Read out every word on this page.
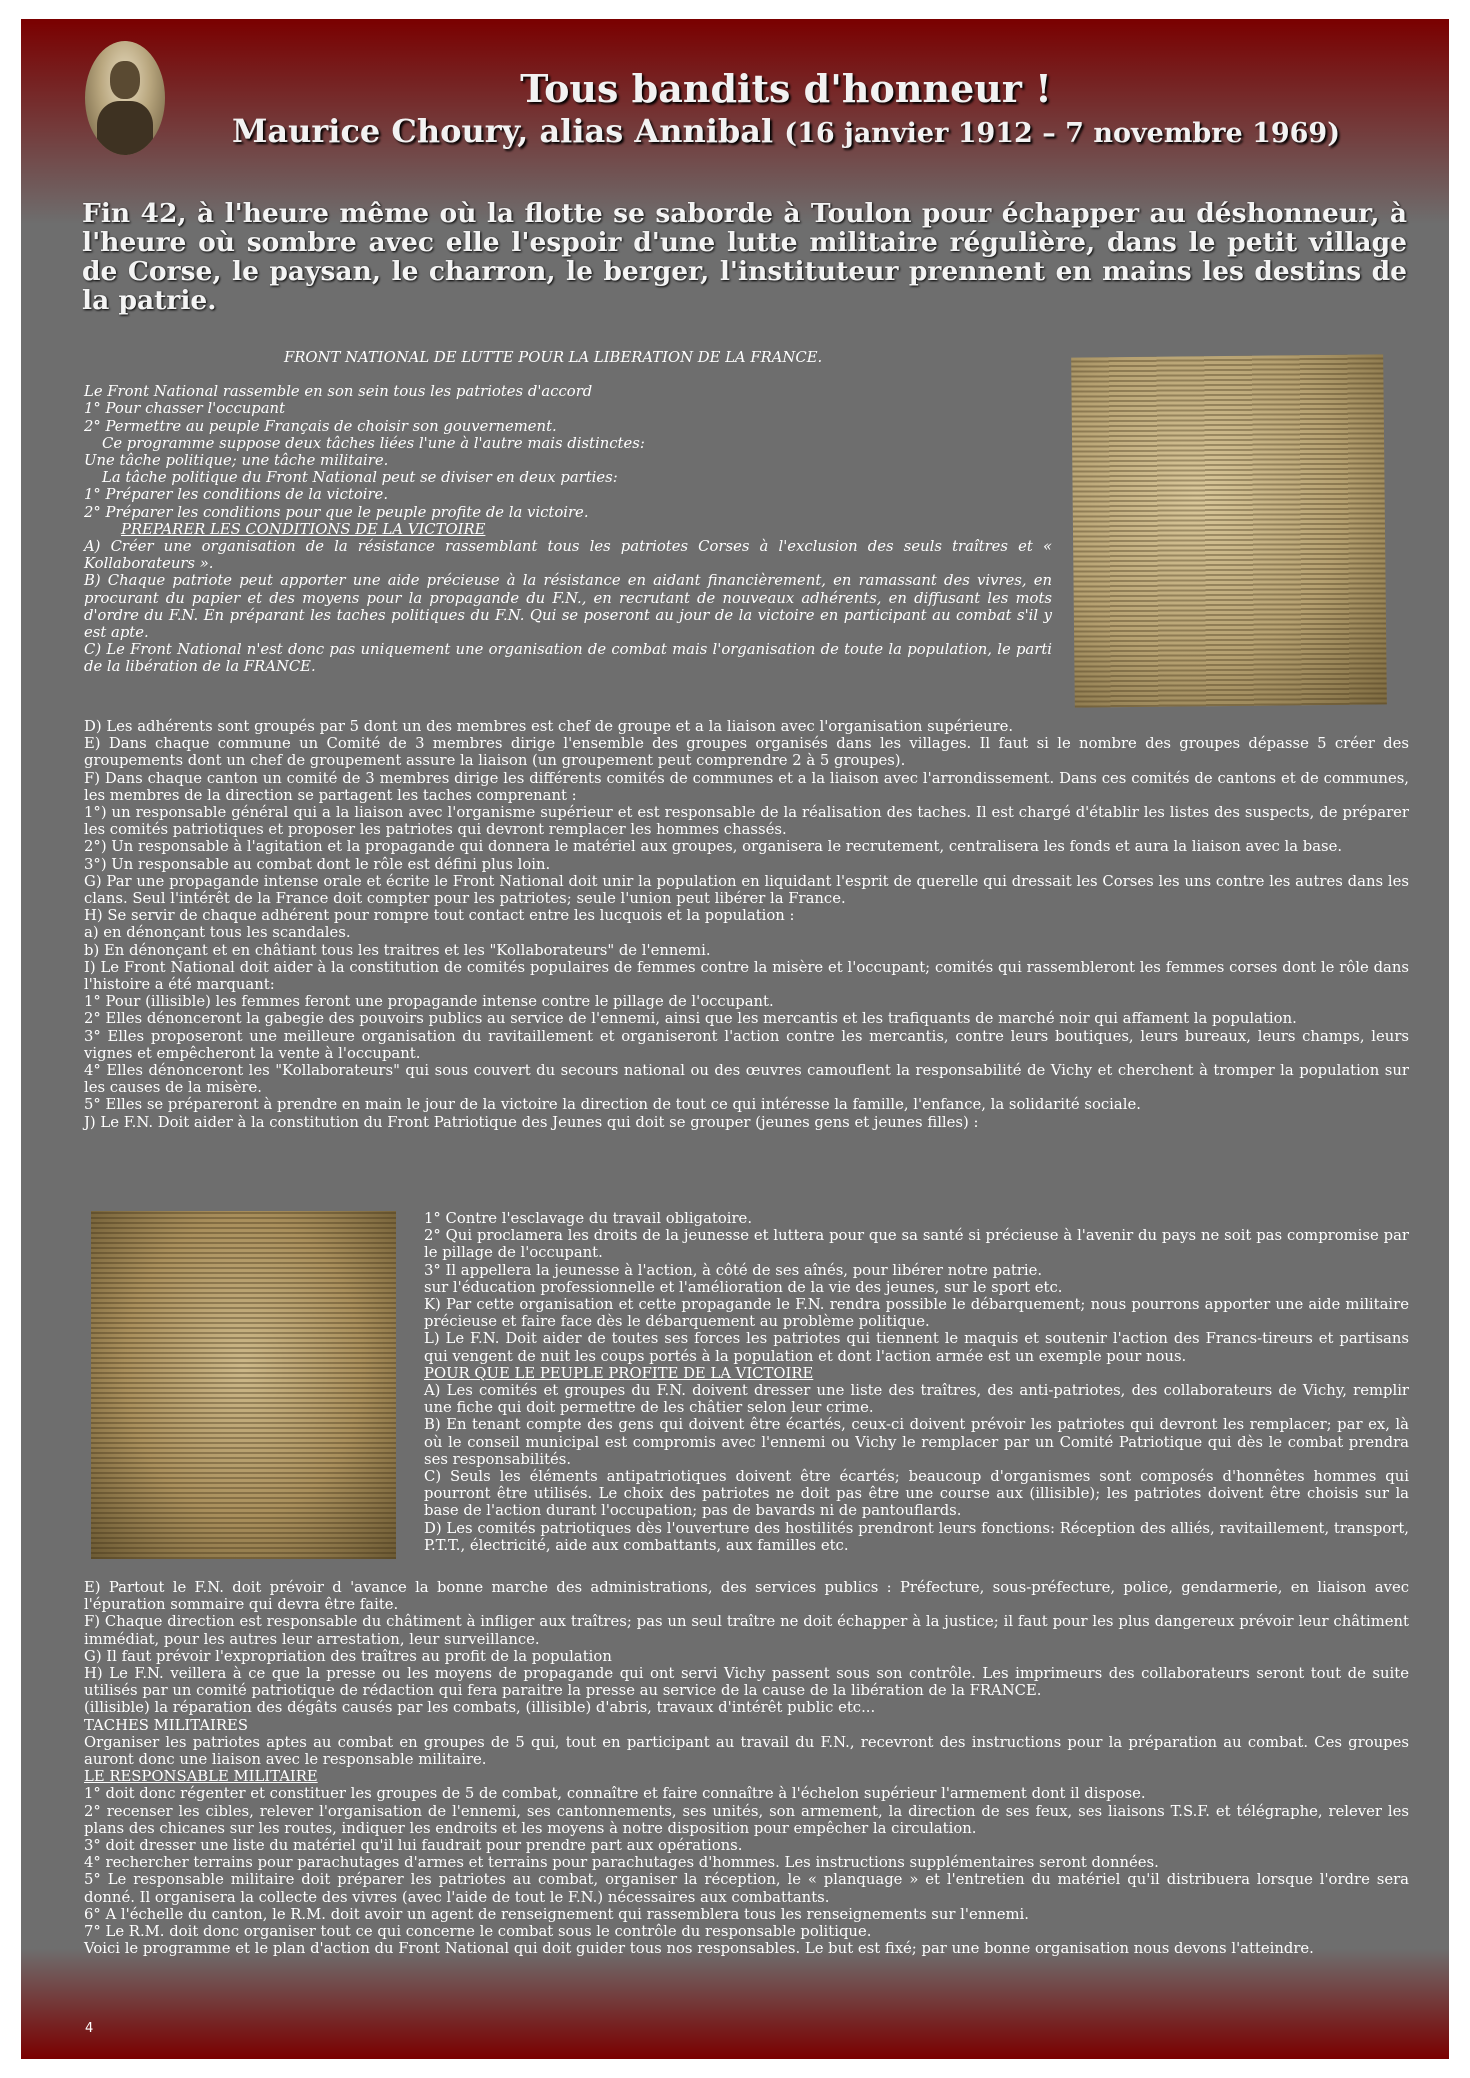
Tous bandits d'honneur !
Maurice Choury, alias Annibal (16 janvier 1912 – 7 novembre 1969)
Fin 42, à l'heure même où la flotte se saborde à Toulon pour échapper au déshonneur, à l'heure où sombre avec elle l'espoir d'une lutte militaire régulière, dans le petit village de Corse, le paysan, le charron, le berger, l'instituteur prennent en mains les destins de la patrie.

FRONT NATIONAL DE LUTTE POUR LA LIBERATION DE LA FRANCE.

Le Front National rassemble en son sein tous les patriotes d'accord

1° Pour chasser l'occupant

2° Permettre au peuple Français de choisir son gouvernement.

Ce programme suppose deux tâches liées l'une à l'autre mais distinctes:

Une tâche politique; une tâche militaire.

La tâche politique du Front National peut se diviser en deux parties:

1° Préparer les conditions de la victoire.

2° Préparer les conditions pour que le peuple profite de la victoire.

PREPARER LES CONDITIONS DE LA VICTOIRE

A) Créer une organisation de la résistance rassemblant tous les patriotes Corses à l'exclusion des seuls traîtres et « Kollaborateurs ».

B) Chaque patriote peut apporter une aide précieuse à la résistance en aidant financièrement, en ramassant des vivres, en procurant du papier et des moyens pour la propagande du F.N., en recrutant de nouveaux adhérents, en diffusant les mots d'ordre du F.N. En préparant les taches politiques du F.N. Qui se poseront au jour de la victoire en participant au combat s'il y est apte.

C) Le Front National n'est donc pas uniquement une organisation de combat mais l'organisation de toute la population, le parti de la libération de la FRANCE.

D) Les adhérents sont groupés par 5 dont un des membres est chef de groupe et a la liaison avec l'organisation supérieure.

E) Dans chaque commune un Comité de 3 membres dirige l'ensemble des groupes organisés dans les villages. Il faut si le nombre des groupes dépasse 5 créer des groupements dont un chef de groupement assure la liaison (un groupement peut comprendre 2 à 5 groupes).

F) Dans chaque canton un comité de 3 membres dirige les différents comités de communes et a la liaison avec l'arrondissement. Dans ces comités de cantons et de communes, les membres de la direction se partagent les taches comprenant :

1°) un responsable général qui a la liaison avec l'organisme supérieur et est responsable de la réalisation des taches. Il est chargé d'établir les listes des suspects, de préparer les comités patriotiques et proposer les patriotes qui devront remplacer les hommes chassés.

2°) Un responsable à l'agitation et la propagande qui donnera le matériel aux groupes, organisera le recrutement, centralisera les fonds et aura la liaison avec la base.

3°) Un responsable au combat dont le rôle est défini plus loin.

G) Par une propagande intense orale et écrite le Front National doit unir la population en liquidant l'esprit de querelle qui dressait les Corses les uns contre les autres dans les clans. Seul l'intérêt de la France doit compter pour les patriotes; seule l'union peut libérer la France.

H) Se servir de chaque adhérent pour rompre tout contact entre les lucquois et la population :

a) en dénonçant tous les scandales.

b) En dénonçant et en châtiant tous les traitres et les "Kollaborateurs" de l'ennemi.

I) Le Front National doit aider à la constitution de comités populaires de femmes contre la misère et l'occupant; comités qui rassembleront les femmes corses dont le rôle dans l'histoire a été marquant:

1° Pour (illisible) les femmes feront une propagande intense contre le pillage de l'occupant.

2° Elles dénonceront la gabegie des pouvoirs publics au service de l'ennemi, ainsi que les mercantis et les trafiquants de marché noir qui affament la population.

3° Elles proposeront une meilleure organisation du ravitaillement et organiseront l'action contre les mercantis, contre leurs boutiques, leurs bureaux, leurs champs, leurs vignes et empêcheront la vente à l'occupant.

4° Elles dénonceront les "Kollaborateurs" qui sous couvert du secours national ou des œuvres camouflent la responsabilité de Vichy et cherchent à tromper la population sur les causes de la misère.

5° Elles se prépareront à prendre en main le jour de la victoire la direction de tout ce qui intéresse la famille, l'enfance, la solidarité sociale.

J) Le F.N. Doit aider à la constitution du Front Patriotique des Jeunes qui doit se grouper (jeunes gens et jeunes filles) :

1° Contre l'esclavage du travail obligatoire.

2° Qui proclamera les droits de la jeunesse et luttera pour que sa santé si précieuse à l'avenir du pays ne soit pas compromise par le pillage de l'occupant.

3° Il appellera la jeunesse à l'action, à côté de ses aînés, pour libérer notre patrie.

sur l'éducation professionnelle et l'amélioration de la vie des jeunes, sur le sport etc.

K) Par cette organisation et cette propagande le F.N. rendra possible le débarquement; nous pourrons apporter une aide militaire précieuse et faire face dès le débarquement au problème politique.

L) Le F.N. Doit aider de toutes ses forces les patriotes qui tiennent le maquis et soutenir l'action des Francs-tireurs et partisans qui vengent de nuit les coups portés à la population et dont l'action armée est un exemple pour nous.

POUR QUE LE PEUPLE PROFITE DE LA VICTOIRE

A) Les comités et groupes du F.N. doivent dresser une liste des traîtres, des anti-patriotes, des collaborateurs de Vichy, remplir une fiche qui doit permettre de les châtier selon leur crime.

B) En tenant compte des gens qui doivent être écartés, ceux-ci doivent prévoir les patriotes qui devront les remplacer; par ex, là où le conseil municipal est compromis avec l'ennemi ou Vichy le remplacer par un Comité Patriotique qui dès le combat prendra ses responsabilités.

C) Seuls les éléments antipatriotiques doivent être écartés; beaucoup d'organismes sont composés d'honnêtes hommes qui pourront être utilisés. Le choix des patriotes ne doit pas être une course aux (illisible); les patriotes doivent être choisis sur la base de l'action durant l'occupation; pas de bavards ni de pantouflards.

D) Les comités patriotiques dès l'ouverture des hostilités prendront leurs fonctions: Réception des alliés, ravitaillement, transport, P.T.T., électricité, aide aux combattants, aux familles etc.

E) Partout le F.N. doit prévoir d 'avance la bonne marche des administrations, des services publics : Préfecture, sous-préfecture, police, gendarmerie, en liaison avec l'épuration sommaire qui devra être faite.

F) Chaque direction est responsable du châtiment à infliger aux traîtres; pas un seul traître ne doit échapper à la justice; il faut pour les plus dangereux prévoir leur châtiment immédiat, pour les autres leur arrestation, leur surveillance.

G) Il faut prévoir l'expropriation des traîtres au profit de la population

H) Le F.N. veillera à ce que la presse ou les moyens de propagande qui ont servi Vichy passent sous son contrôle. Les imprimeurs des collaborateurs seront tout de suite utilisés par un comité patriotique de rédaction qui fera paraitre la presse au service de la cause de la libération de la FRANCE.

(illisible) la réparation des dégâts causés par les combats, (illisible) d'abris, travaux d'intérêt public etc...

TACHES MILITAIRES

Organiser les patriotes aptes au combat en groupes de 5 qui, tout en participant au travail du F.N., recevront des instructions pour la préparation au combat. Ces groupes auront donc une liaison avec le responsable militaire.

LE RESPONSABLE MILITAIRE

1° doit donc régenter et constituer les groupes de 5 de combat, connaître et faire connaître à l'échelon supérieur l'armement dont il dispose.

2° recenser les cibles, relever l'organisation de l'ennemi, ses cantonnements, ses unités, son armement, la direction de ses feux, ses liaisons T.S.F. et télégraphe, relever les plans des chicanes sur les routes, indiquer les endroits et les moyens à notre disposition pour empêcher la circulation.

3° doit dresser une liste du matériel qu'il lui faudrait pour prendre part aux opérations.

4° rechercher terrains pour parachutages d'armes et terrains pour parachutages d'hommes. Les instructions supplémentaires seront données.

5° Le responsable militaire doit préparer les patriotes au combat, organiser la réception, le « planquage » et l'entretien du matériel qu'il distribuera lorsque l'ordre sera donné. Il organisera la collecte des vivres (avec l'aide de tout le F.N.) nécessaires aux combattants.

6° A l'échelle du canton, le R.M. doit avoir un agent de renseignement qui rassemblera tous les renseignements sur l'ennemi.

7° Le R.M. doit donc organiser tout ce qui concerne le combat sous le contrôle du responsable politique.

Voici le programme et le plan d'action du Front National qui doit guider tous nos responsables. Le but est fixé; par une bonne organisation nous devons l'atteindre.

4
